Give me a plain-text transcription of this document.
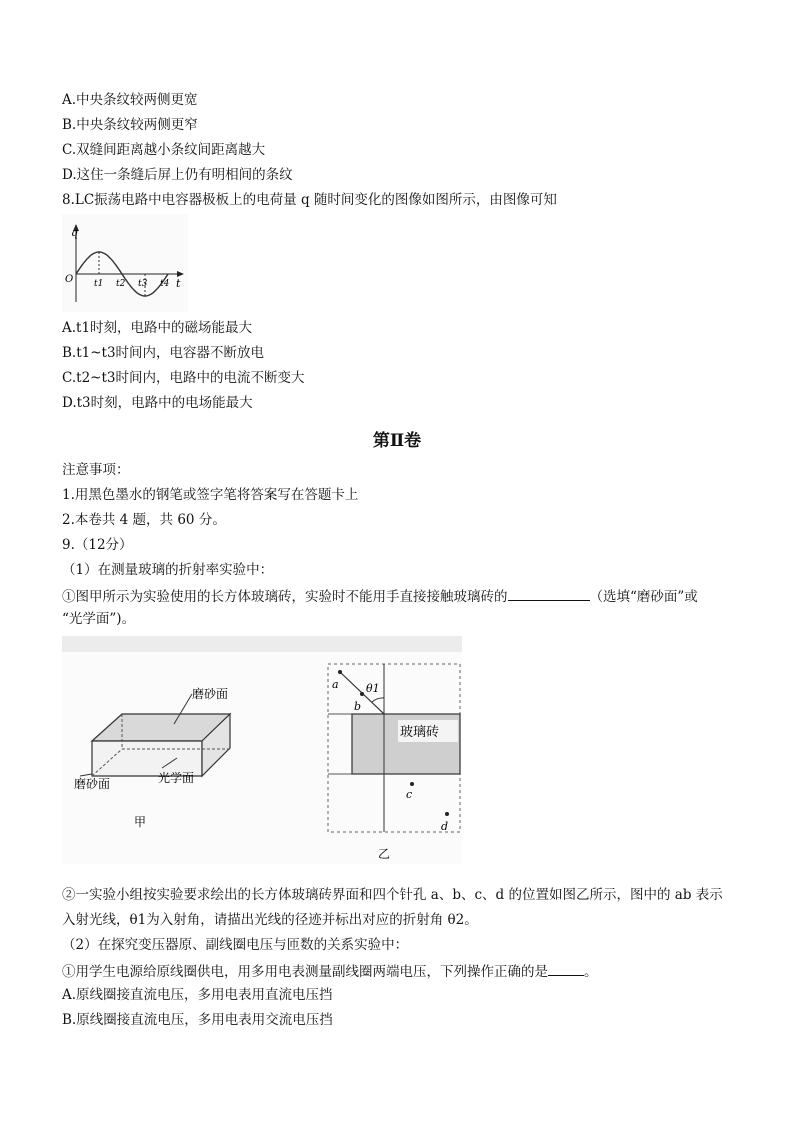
A.中央条纹较两侧更宽
B.中央条纹较两侧更窄
C.双缝间距离越小条纹间距离越大
D.这住一条缝后屏上仍有明相间的条纹
8.LC振荡电路中电容器极板上的电荷量 q 随时间变化的图像如图所示，由图像可知
q
t
O t1 t2 t3 t4
A.t1时刻，电路中的磁场能最大
B.t1~t3时间内，电容器不断放电
C.t2~t3时间内，电路中的电流不断变大
D.t3时刻，电路中的电场能最大
第Ⅱ卷
注意事项：
1.用黑色墨水的钢笔或签字笔将答案写在答题卡上
2.本卷共 4 题，共 60 分。
9.（12分）
（1）在测量玻璃的折射率实验中：
①图甲所示为实验使用的长方体玻璃砖，实验时不能用手直接接触玻璃砖的	（选填“磨砂面”或
“光学面”)。
磨砂面
磨砂面	光学面
甲
玻璃砖
θ1
a
b
c
d
乙
②一实验小组按实验要求绘出的长方体玻璃砖界面和四个针孔 a、b、c、d 的位置如图乙所示，图中的 ab 表示
入射光线，θ1为入射角，请描出光线的径迹并标出对应的折射角 θ2。
（2）在探究变压器原、副线圈电压与匝数的关系实验中：
①用学生电源给原线圈供电，用多用电表测量副线圈两端电压，下列操作正确的是	。
A.原线圈接直流电压，多用电表用直流电压挡
B.原线圈接直流电压，多用电表用交流电压挡
